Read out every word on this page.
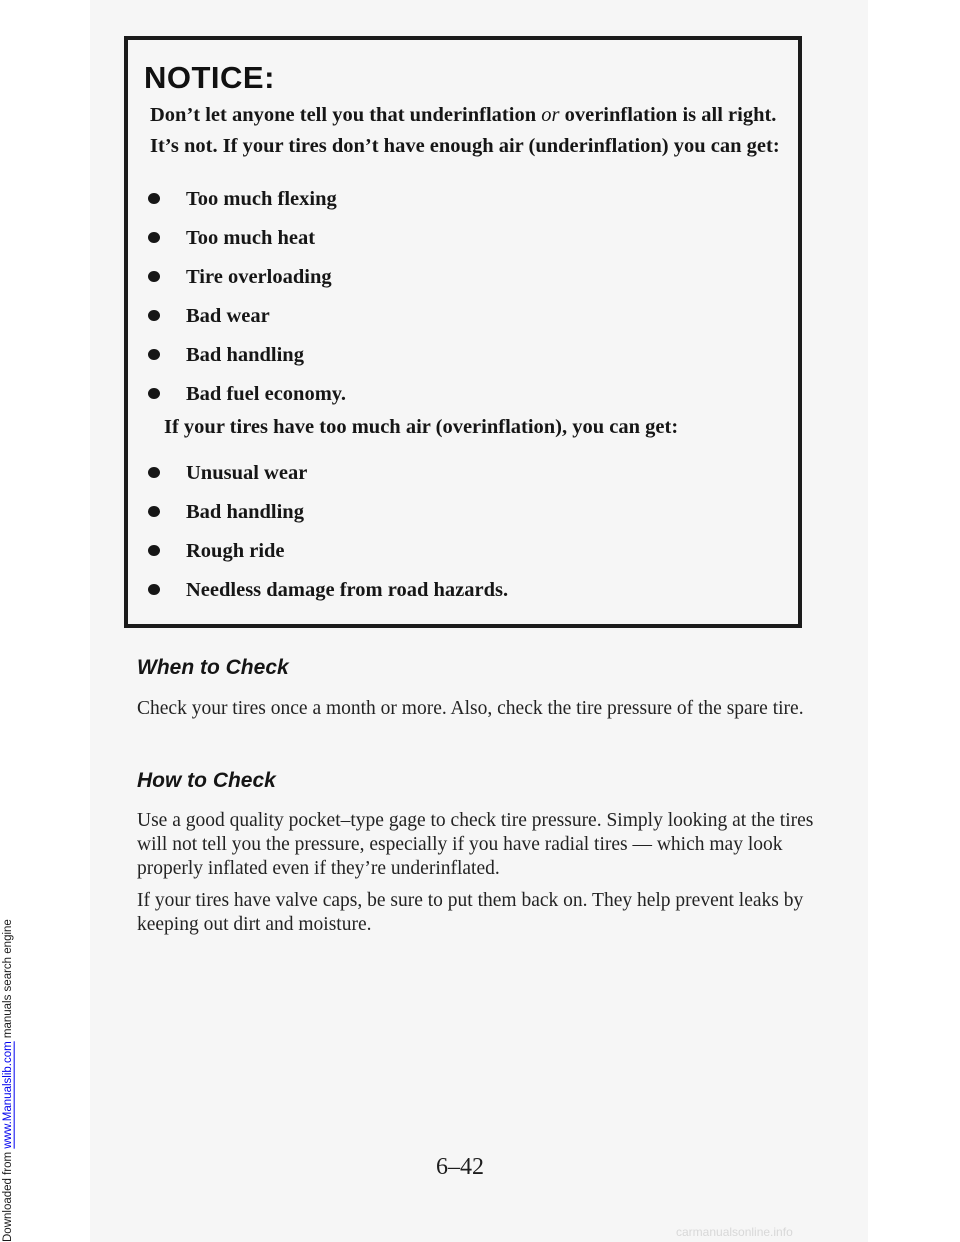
Downloaded from www.Manualslib.com manuals search engine
NOTICE:

Don’t let anyone tell you that underinflation or overinflation is all right. It’s not. If your tires don’t have enough air (underinflation) you can get:

Too much flexing
Too much heat
Tire overloading
Bad wear
Bad handling
Bad fuel economy.

If your tires have too much air (overinflation), you can get:

Unusual wear
Bad handling
Rough ride
Needless damage from road hazards.
When to Check

Check your tires once a month or more. Also, check the tire pressure of the spare tire.

How to Check

Use a good quality pocket–type gage to check tire pressure. Simply looking at the tires will not tell you the pressure, especially if you have radial tires — which may look properly inflated even if they’re underinflated.

If your tires have valve caps, be sure to put them back on. They help prevent leaks by keeping out dirt and moisture.

6–42

carmanualsonline.info
